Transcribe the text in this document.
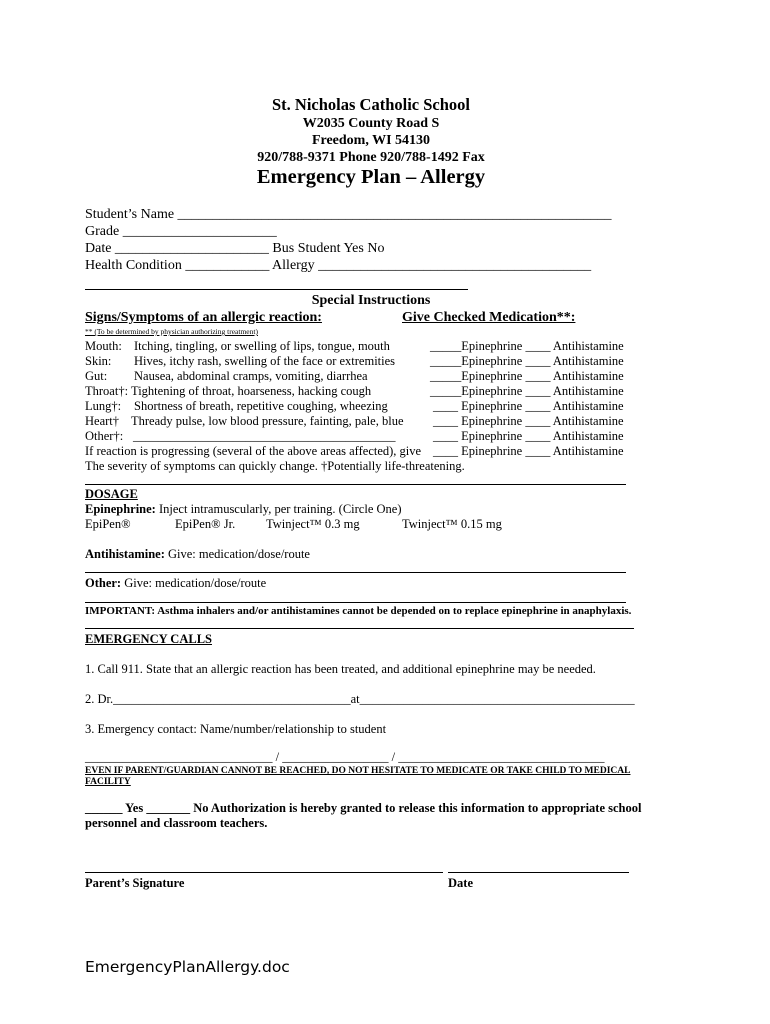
St. Nicholas Catholic School
W2035 County Road S
Freedom, WI 54130
920/788-9371 Phone 920/788-1492 Fax
Emergency Plan – Allergy
Student’s Name ______________________________________________________________
Grade ______________________
Date ______________________ Bus Student Yes No
Health Condition ____________ Allergy _______________________________________
Special Instructions
Signs/Symptoms of an allergic reaction:	Give Checked Medication**:
** (To be determined by physician authorizing treatment)
Mouth: Itching, tingling, or swelling of lips, tongue, mouth	_____Epinephrine ____ Antihistamine
Skin: Hives, itchy rash, swelling of the face or extremities	_____Epinephrine ____ Antihistamine
Gut: Nausea, abdominal cramps, vomiting, diarrhea	_____Epinephrine ____ Antihistamine
Throat†: Tightening of throat, hoarseness, hacking cough	_____Epinephrine ____ Antihistamine
Lung†: Shortness of breath, repetitive coughing, wheezing	____ Epinephrine ____ Antihistamine
Heart† Thready pulse, low blood pressure, fainting, pale, blue ____ Epinephrine ____ Antihistamine
Other†: __________________________________________	____ Epinephrine ____ Antihistamine
If reaction is progressing (several of the above areas affected), give ____ Epinephrine ____ Antihistamine
The severity of symptoms can quickly change. †Potentially life-threatening.
DOSAGE
Epinephrine: Inject intramuscularly, per training. (Circle One)
EpiPen®	EpiPen® Jr. Twinject™ 0.3 mg	Twinject™ 0.15 mg
Antihistamine: Give: medication/dose/route
Other: Give: medication/dose/route
IMPORTANT: Asthma inhalers and/or antihistamines cannot be depended on to replace epinephrine in anaphylaxis.
EMERGENCY CALLS
1. Call 911. State that an allergic reaction has been treated, and additional epinephrine may be needed.
2. Dr.______________________________________at____________________________________________
3. Emergency contact: Name/number/relationship to student
______________________________ / _________________ / _________________________________
EVEN IF PARENT/GUARDIAN CANNOT BE REACHED, DO NOT HESITATE TO MEDICATE OR TAKE CHILD TO MEDICAL
FACILITY
______ Yes _______ No Authorization is hereby granted to release this information to appropriate school
personnel and classroom teachers.
Parent’s Signature	Date
EmergencyPlanAllergy.doc
